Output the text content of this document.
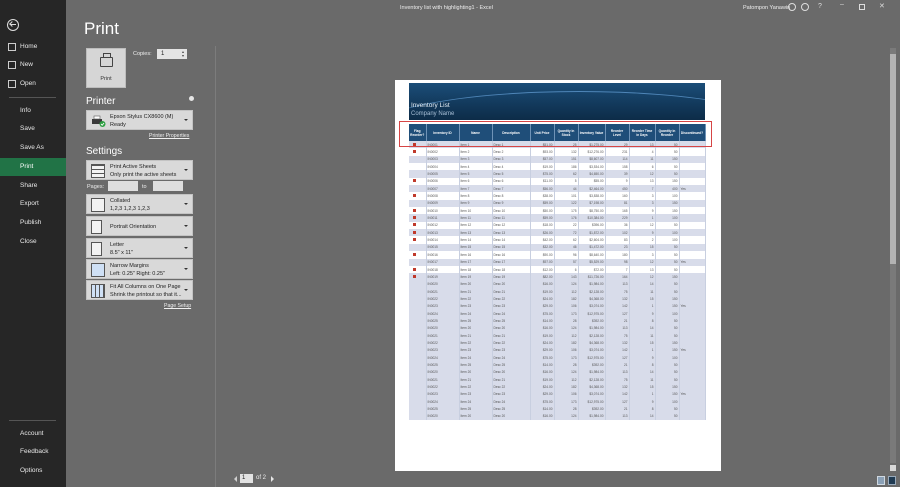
Home
New
Open
Info
Save
Save As
Print
Share
Export
Publish
Close
Account
Feedback
Options
Inventory list with highlighting1 - Excel	Patompon Yanawin	?	–	✕
Print
Print
Copies:	1	▴
▾
Printer
Epson Stylus CX8600 (M)
Ready
Printer Properties
Settings
Print Active Sheets
Only print the active sheets
Pages:	to
Collated
1,2,3 1,2,3 1,2,3
Portrait Orientation
Letter
8.5" x 11"
Narrow Margins
Left: 0.25" Right: 0.25"
Fit All Columns on One Page
Shrink the printout so that it...
Page Setup
Inventory List
Company Name
Flag Reorder?	Inventory ID	Name	Description	Unit Price	Quantity in Stock	Inventory Value	Reorder Level	Reorder Time in Days	Quantity in Reorder	Discontinued?
	IN0001	Item 1	Desc 1	$51.00	25	$1,275.00	29	13	50	
	IN0002	Item 2	Desc 2	$93.00	132	$12,276.00	231	4	50	
	IN0003	Item 3	Desc 3	$57.00	151	$8,607.00	114	11	150	
	IN0004	Item 4	Desc 4	$19.00	186	$3,534.00	158	6	50	
	IN0005	Item 5	Desc 5	$75.00	62	$4,650.00	39	12	50	
	IN0006	Item 6	Desc 6	$11.00	5	$55.00	9	13	150	
	IN0007	Item 7	Desc 7	$56.00	44	$2,464.00	450	7	400	Yes
	IN0008	Item 8	Desc 8	$38.00	101	$3,838.00	160	3	100	
	IN0009	Item 9	Desc 9	$59.00	122	$7,198.00	81	3	150	
	IN0010	Item 10	Desc 10	$50.00	175	$8,750.00	165	9	150	
	IN0011	Item 11	Desc 11	$59.00	176	$10,384.00	229	1	100	
	IN0012	Item 12	Desc 12	$18.00	22	$396.00	36	12	50	
	IN0013	Item 13	Desc 13	$26.00	72	$1,872.00	102	9	100	
	IN0014	Item 14	Desc 14	$42.00	62	$2,604.00	83	2	100	
	IN0015	Item 15	Desc 15	$32.00	46	$1,472.00	23	15	50	
	IN0016	Item 16	Desc 16	$90.00	96	$8,640.00	180	3	50	
	IN0017	Item 17	Desc 17	$97.00	57	$5,529.00	98	12	50	Yes
	IN0018	Item 18	Desc 18	$12.00	6	$72.00	7	13	50	
	IN0019	Item 19	Desc 19	$82.00	143	$11,726.00	164	12	150	
	IN0020	Item 20	Desc 20	$16.00	124	$1,984.00	113	14	50	
	IN0021	Item 21	Desc 21	$19.00	112	$2,128.00	75	11	50	
	IN0022	Item 22	Desc 22	$24.00	182	$4,368.00	132	15	150	
	IN0023	Item 23	Desc 23	$29.00	106	$3,074.00	142	1	150	Yes
	IN0024	Item 24	Desc 24	$75.00	173	$12,975.00	127	9	100	
	IN0025	Item 25	Desc 25	$14.00	28	$392.00	21	8	50	
	IN0020	Item 20	Desc 20	$16.00	124	$1,984.00	113	14	50	
	IN0021	Item 21	Desc 21	$19.00	112	$2,128.00	75	11	50	
	IN0022	Item 22	Desc 22	$24.00	182	$4,368.00	132	15	150	
	IN0023	Item 23	Desc 23	$29.00	106	$3,074.00	142	1	150	Yes
	IN0024	Item 24	Desc 24	$75.00	173	$12,975.00	127	9	100	
	IN0025	Item 25	Desc 25	$14.00	28	$392.00	21	8	50	
	IN0020	Item 20	Desc 20	$16.00	124	$1,984.00	113	14	50	
	IN0021	Item 21	Desc 21	$19.00	112	$2,128.00	75	11	50	
	IN0022	Item 22	Desc 22	$24.00	182	$4,368.00	132	15	150	
	IN0023	Item 23	Desc 23	$29.00	106	$3,074.00	142	1	150	Yes
	IN0024	Item 24	Desc 24	$75.00	173	$12,975.00	127	9	100	
	IN0025	Item 25	Desc 25	$14.00	28	$392.00	21	8	50	
	IN0020	Item 20	Desc 20	$16.00	124	$1,984.00	113	14	50	
1	of 2
